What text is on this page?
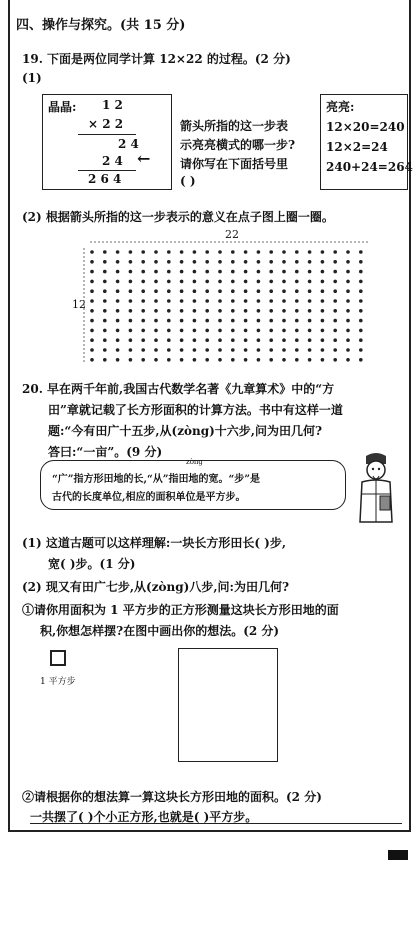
四、操作与探究。(共 15 分)
19. 下面是两位同学计算 12×22 的过程。(2 分)
(1)
晶晶: 1 2
× 2 2
2 4
2 4 ←
2 6 4
箭头所指的这一步表
示亮亮横式的哪一步?
请你写在下面括号里
( )
亮亮:
12×20=240
12×2=24
240+24=264
(2) 根据箭头所指的这一步表示的意义在点子图上圈一圈。
22
12
20. 早在两千年前,我国古代数学名著《九章算术》中的“方
田”章就记载了长方形面积的计算方法。书中有这样一道
题:“今有田广十五步,从(zòng)十六步,问为田几何?
答曰:“一亩”。(9 分)
zòng
“广”指方形田地的长,“从”指田地的宽。“步”是
古代的长度单位,相应的面积单位是平方步。
(1) 这道古题可以这样理解:一块长方形田长( )步,
宽( )步。(1 分)
(2) 现又有田广七步,从(zòng)八步,问:为田几何?
①请你用面积为 1 平方步的正方形测量这块长方形田地的面
积,你想怎样摆?在图中画出你的想法。(2 分)
1 平方步
②请根据你的想法算一算这块长方形田地的面积。(2 分)
一共摆了( )个小正方形,也就是( )平方步。
